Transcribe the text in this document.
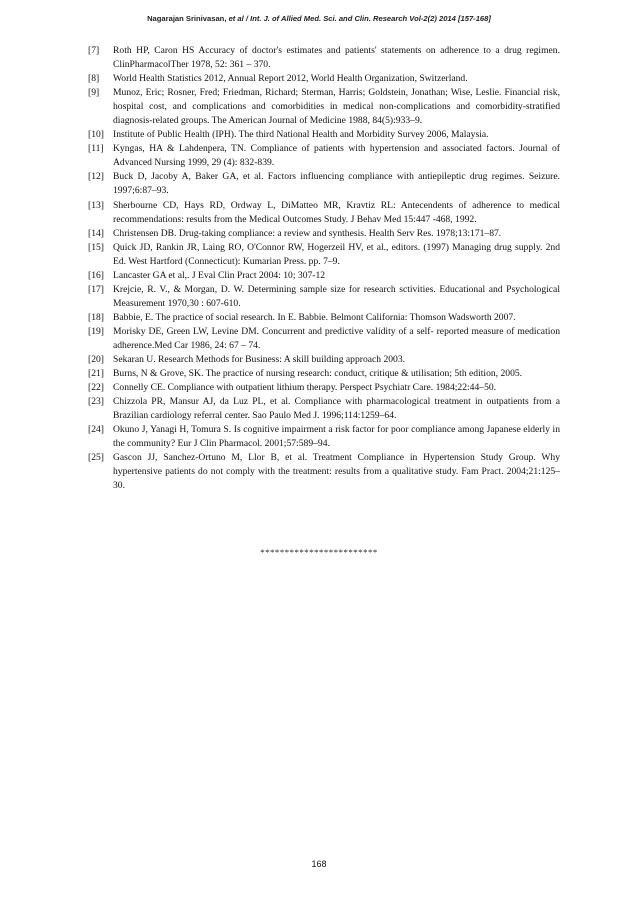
Nagarajan Srinivasan, et al / Int. J. of Allied Med. Sci. and Clin. Research Vol-2(2) 2014 [157-168]
[7] Roth HP, Caron HS Accuracy of doctor's estimates and patients' statements on adherence to a drug regimen. ClinPharmacolTher 1978, 52: 361 – 370.
[8] World Health Statistics 2012, Annual Report 2012, World Health Organization, Switzerland.
[9] Munoz, Eric; Rosner, Fred; Friedman, Richard; Sterman, Harris; Goldstein, Jonathan; Wise, Leslie. Financial risk, hospital cost, and complications and comorbidities in medical non-complications and comorbidity-stratified diagnosis-related groups. The American Journal of Medicine 1988, 84(5):933–9.
[10] Institute of Public Health (IPH). The third National Health and Morbidity Survey 2006, Malaysia.
[11] Kyngas, HA & Lahdenpera, TN. Compliance of patients with hypertension and associated factors. Journal of Advanced Nursing 1999, 29 (4): 832-839.
[12] Buck D, Jacoby A, Baker GA, et al. Factors influencing compliance with antiepileptic drug regimes. Seizure. 1997;6:87–93.
[13] Sherbourne CD, Hays RD, Ordway L, DiMatteo MR, Kravtiz RL: Antecendents of adherence to medical recommendations: results from the Medical Outcomes Study. J Behav Med 15:447 -468, 1992.
[14] Christensen DB. Drug-taking compliance: a review and synthesis. Health Serv Res. 1978;13:171–87.
[15] Quick JD, Rankin JR, Laing RO, O'Connor RW, Hogerzeil HV, et al., editors. (1997) Managing drug supply. 2nd Ed. West Hartford (Connecticut): Kumarian Press. pp. 7–9.
[16] Lancaster GA et al,. J Eval Clin Pract 2004: 10; 307-12
[17] Krejcie, R. V., & Morgan, D. W. Determining sample size for research sctivities. Educational and Psychological Measurement 1970,30 : 607-610.
[18] Babbie, E. The practice of social research. In E. Babbie. Belmont California: Thomson Wadsworth 2007.
[19] Morisky DE, Green LW, Levine DM. Concurrent and predictive validity of a self- reported measure of medication adherence.Med Car 1986, 24: 67 – 74.
[20] Sekaran U. Research Methods for Business: A skill building approach 2003.
[21] Burns, N & Grove, SK. The practice of nursing research: conduct, critique & utilisation; 5th edition, 2005.
[22] Connelly CE. Compliance with outpatient lithium therapy. Perspect Psychiatr Care. 1984;22:44–50.
[23] Chizzola PR, Mansur AJ, da Luz PL, et al. Compliance with pharmacological treatment in outpatients from a Brazilian cardiology referral center. Sao Paulo Med J. 1996;114:1259–64.
[24] Okuno J, Yanagi H, Tomura S. Is cognitive impairment a risk factor for poor compliance among Japanese elderly in the community? Eur J Clin Pharmacol. 2001;57:589–94.
[25] Gascon JJ, Sanchez-Ortuno M, Llor B, et al. Treatment Compliance in Hypertension Study Group. Why hypertensive patients do not comply with the treatment: results from a qualitative study. Fam Pract. 2004;21:125–30.
************************
168
